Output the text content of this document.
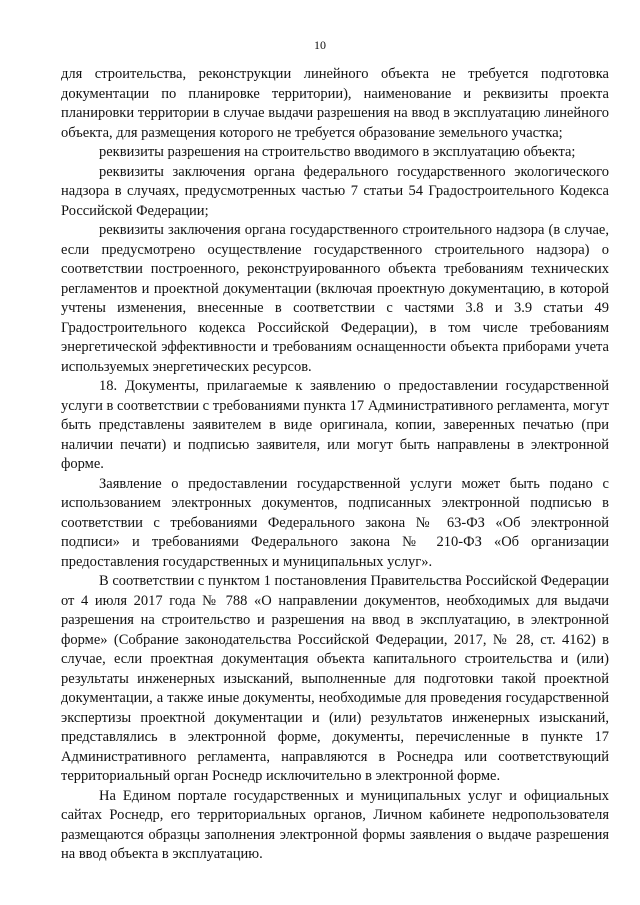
10

для строительства, реконструкции линейного объекта не требуется подготовка документации по планировке территории), наименование и реквизиты проекта планировки территории в случае выдачи разрешения на ввод в эксплуатацию линейного объекта, для размещения которого не требуется образование земельного участка;

реквизиты разрешения на строительство вводимого в эксплуатацию объекта;

реквизиты заключения органа федерального государственного экологического надзора в случаях, предусмотренных частью 7 статьи 54 Градостроительного Кодекса Российской Федерации;

реквизиты заключения органа государственного строительного надзора (в случае, если предусмотрено осуществление государственного строительного надзора) о соответствии построенного, реконструированного объекта требованиям технических регламентов и проектной документации (включая проектную документацию, в которой учтены изменения, внесенные в соответствии с частями 3.8 и 3.9 статьи 49 Градостроительного кодекса Российской Федерации), в том числе требованиям энергетической эффективности и требованиям оснащенности объекта приборами учета используемых энергетических ресурсов.

18. Документы, прилагаемые к заявлению о предоставлении государственной услуги в соответствии с требованиями пункта 17 Административного регламента, могут быть представлены заявителем в виде оригинала, копии, заверенных печатью (при наличии печати) и подписью заявителя, или могут быть направлены в электронной форме.

Заявление о предоставлении государственной услуги может быть подано с использованием электронных документов, подписанных электронной подписью в соответствии с требованиями Федерального закона № 63-ФЗ «Об электронной подписи» и требованиями Федерального закона № 210-ФЗ «Об организации предоставления государственных и муниципальных услуг».

В соответствии с пунктом 1 постановления Правительства Российской Федерации от 4 июля 2017 года № 788 «О направлении документов, необходимых для выдачи разрешения на строительство и разрешения на ввод в эксплуатацию, в электронной форме» (Собрание законодательства Российской Федерации, 2017, № 28, ст. 4162) в случае, если проектная документация объекта капитального строительства и (или) результаты инженерных изысканий, выполненные для подготовки такой проектной документации, а также иные документы, необходимые для проведения государственной экспертизы проектной документации и (или) результатов инженерных изысканий, представлялись в электронной форме, документы, перечисленные в пункте 17 Административного регламента, направляются в Роснедра или соответствующий территориальный орган Роснедр исключительно в электронной форме.

На Едином портале государственных и муниципальных услуг и официальных сайтах Роснедр, его территориальных органов, Личном кабинете недропользователя размещаются образцы заполнения электронной формы заявления о выдаче разрешения на ввод объекта в эксплуатацию.
